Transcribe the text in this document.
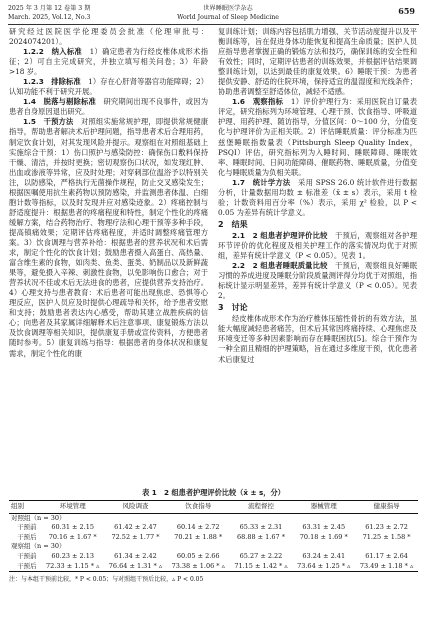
2025 年 3 月第 12 卷第 3 期
March. 2025, Vol.12, No.3
世界睡眠医学杂志
World Journal of Sleep Medicine
659

研究经过医院医学伦理委员会批准（伦理审批号：2024074201）。

1.2.2　纳入标准　 1）确定患者为行经皮椎体成形术指征；2）可自主完成研究，并独立填写相关问卷；3）年龄 >18 岁。

1.2.3　排除标准　 1）存在心肝肾等器官功能障碍；2）认知功能不利于研究开展。

1.4　脱落与剔除标准　 研究期间出现不良事件，或因为患者自身原因退出研究。

1.5　干预方法　 对照组实施常规护理，即提供常规健康指导，帮助患者解决术后护理问题，指导患者术后合理用药，制定饮食计划，对其发现风险并提示。观察组在对照组基础上实施综合干预：1）伤口照护与感染防控：确保伤口敷料保持干燥、清洁，并按时更换；密切观察伤口状况，如发现红肿、出血或渗液等异常，应及时处理；对穿刺部位温浴予以特别关注，以防感染，严格执行无菌操作规程，防止交叉感染发生；根据医嘱使用抗生素药物以预防感染，并监测患者体温、白细胞计数等指标，以及时发现并应对感染迹象。2）疼痛控制与舒适度提升：根据患者的疼痛程度和特性，制定个性化的疼痛缓解方案，结合药物治疗、物理疗法和心理干预等多种手段，提高镇痛效果；定期评估疼痛程度，并适时调整疼痛管理方案。3）饮食调理与营养补给：根据患者的营养状况和术后需求，制定个性化的饮食计划；鼓励患者摄入高蛋白、高热量、富含维生素的食物，如肉类、鱼类、蛋类、奶制品以及新鲜蔬果等，避免摄入辛辣、刺激性食物，以免影响伤口愈合；对于营养状况不佳或术后无法进食的患者，应提供营养支持治疗。4）心理支持与患者教育：术后患者可能出现焦虑、恐惧等心理反应，医护人员应及时提供心理疏导和关怀，给予患者安慰和支持；鼓励患者表达内心感受，帮助其建立战胜疾病的信心；向患者及其家属详细解释术后注意事项、康复锻炼方法以及饮食调理等相关知识，提供康复手册或宣传资料，方便患者随时参考。5）康复训练与指导：根据患者的身体状况和康复需求，制定个性化的康

复训练计划；训练内容包括肌力增强、关节活动度提升以及平衡训练等，旨在促进身体功能恢复和提高生命质量；医护人员应指导患者掌握正确的锻炼方法和技巧，确保训练的安全性和有效性；同时，定期评估患者的训练效果，并根据评估结果调整训练计划，以达到最佳的康复效果。6）睡眠干预：为患者提供安静、舒适的住院环境，保持适宜的温湿度和光线条件；协助患者调整至舒适体位，减轻不适感。

1.6　观察指标　 1）评价护理行为：采用医院自订量表评定，研究指标列为环境管理、心理干预、饮食指导、呼吸道护理、用药护理、随访指导，分值区间：0～100 分，分值变化与护理评价为正相关联。2）评估睡眠质量：评分标准为匹兹堡睡眠指数量表（Pittsburgh Sleep Quality Index，PSQI）评估，研究指标列为入睡时间、睡眠障碍、睡眠效率、睡眠时间、日间功能障碍、催眠药物、睡眠质量，分值变化与睡眠质量为负相关联。

1.7　统计学方法　 采用 SPSS 26.0 统计软件进行数据分析，计量数据用均数 ± 标准差（x̄ ± s）表示，采用 t 检验；计数资料用百分率（%）表示，采用 χ² 检验，以 P < 0.05 为差异有统计学意义。

2　结果

2.1　2 组患者护理评价比较　 干预后，观察组对各护理环节评价的优化程度及相关护理工作的落实情况均优于对照组，差异有统计学意义（P < 0.05）。见表 1。

2.2　2 组患者睡眠质量比较　 干预后，观察组良好睡眠习惯的养成进度及睡眠分阶段质量测评得分均优于对照组，指标统计显示明显差异，差异有统计学意义（P < 0.05）。见表 2。

3　讨论

经皮椎体成形术作为治疗椎体压缩性骨折的有效方法，虽能大幅度减轻患者痛苦，但术后其常因疼痛持续、心理焦虑及环境变迁等多种因素影响而存在睡眠困扰[5]。综合干预作为一种全面且精细的护理策略，旨在通过多维度干预，优化患者术后康复过

表 1　2 组患者护理评价比较（x̄ ± s，分）
组别	环境管理	风险调查	饮食指导	流程督控	器械管理	健康指导
对照组（n = 30）						
干预前	60.31 ± 2.15	61.42 ± 2.47	60.14 ± 2.72	65.33 ± 2.31	63.31 ± 2.45	61.23 ± 2.72
干预后	70.16 ± 1.67 *	72.52 ± 1.77 *	70.21 ± 1.88 *	68.88 ± 1.67 *	70.18 ± 1.69 *	71.25 ± 1.58 *
观察组（n = 30）						
干预前	60.23 ± 2.13	61.34 ± 2.42	60.05 ± 2.66	65.27 ± 2.22	63.24 ± 2.41	61.17 ± 2.64
干预后	72.33 ± 1.15 * ▵	76.64 ± 1.31 * ▵	73.38 ± 1.06 * ▵	71.15 ± 1.42 * ▵	73.64 ± 1.25 * ▵	73.49 ± 1.18 * ▵
注：与本组干预前比较，* P < 0.05；与对照组干预后比较，▵ P < 0.05
